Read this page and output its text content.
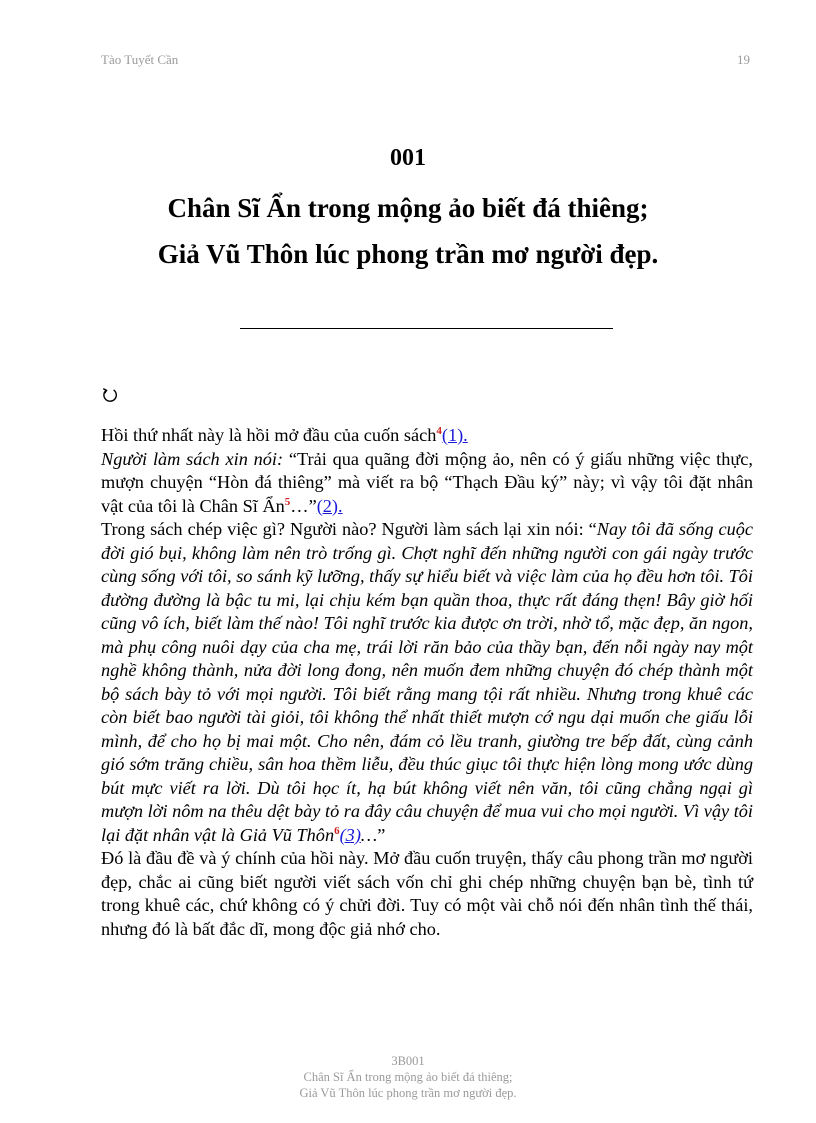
Tào Tuyết Cần	19
001
Chân Sĩ Ẩn trong mộng ảo biết đá thiêng;
Giả Vũ Thôn lúc phong trần mơ người đẹp.

Hồi thứ nhất này là hồi mở đầu của cuốn sách$^4$(1).

Người làm sách xin nói: “Trải qua quãng đời mộng ảo, nên có ý giấu những việc thực, mượn chuyện “Hòn đá thiêng” mà viết ra bộ “Thạch Đầu ký” này; vì vậy tôi đặt nhân vật của tôi là Chân Sĩ Ẩn$^5$…”(2).

Trong sách chép việc gì? Người nào? Người làm sách lại xin nói: “Nay tôi đã sống cuộc đời gió bụi, không làm nên trò trống gì. Chợt nghĩ đến những người con gái ngày trước cùng sống với tôi, so sánh kỹ lưỡng, thấy sự hiểu biết và việc làm của họ đều hơn tôi. Tôi đường đường là bậc tu mi, lại chịu kém bạn quần thoa, thực rất đáng thẹn! Bây giờ hối cũng vô ích, biết làm thế nào! Tôi nghĩ trước kia được ơn trời, nhờ tổ, mặc đẹp, ăn ngon, mà phụ công nuôi dạy của cha mẹ, trái lời răn bảo của thầy bạn, đến nỗi ngày nay một nghề không thành, nửa đời long đong, nên muốn đem những chuyện đó chép thành một bộ sách bày tỏ với mọi người. Tôi biết rằng mang tội rất nhiều. Nhưng trong khuê các còn biết bao người tài giỏi, tôi không thể nhất thiết mượn cớ ngu dại muốn che giấu lỗi mình, để cho họ bị mai một. Cho nên, đám cỏ lều tranh, giường tre bếp đất, cùng cảnh gió sớm trăng chiều, sân hoa thềm liễu, đều thúc giục tôi thực hiện lòng mong ước dùng bút mực viết ra lời. Dù tôi học ít, hạ bút không viết nên văn, tôi cũng chẳng ngại gì mượn lời nôm na thêu dệt bày tỏ ra đây câu chuyện để mua vui cho mọi người. Vì vậy tôi lại đặt nhân vật là Giả Vũ Thôn$^6$(3)…”

Đó là đầu đề và ý chính của hồi này. Mở đầu cuốn truyện, thấy câu phong trần mơ người đẹp, chắc ai cũng biết người viết sách vốn chỉ ghi chép những chuyện bạn bè, tình tứ trong khuê các, chứ không có ý chửi đời. Tuy có một vài chỗ nói đến nhân tình thế thái, nhưng đó là bất đắc dĩ, mong độc giả nhớ cho.

3B001
Chân Sĩ Ẩn trong mộng ảo biết đá thiêng;
Giả Vũ Thôn lúc phong trần mơ người đẹp.
